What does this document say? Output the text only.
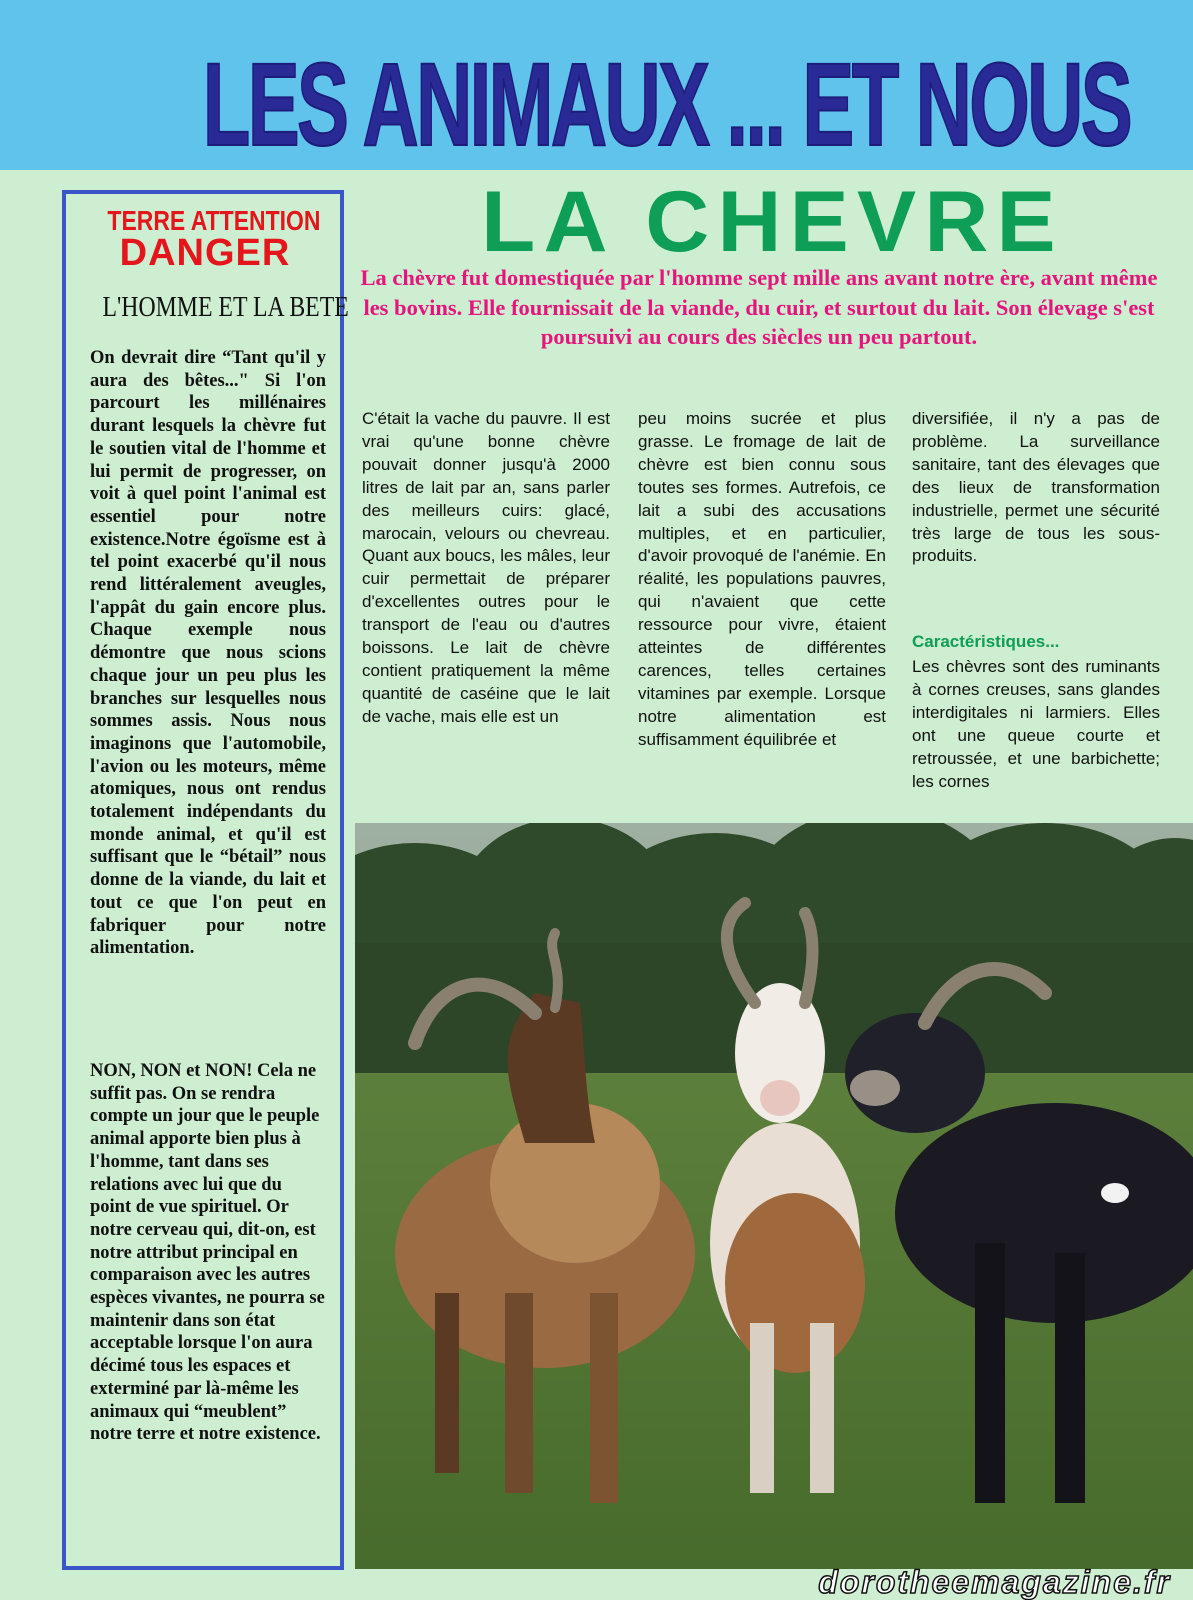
LES ANIMAUX ... ET NOUS
TERRE ATTENTION
DANGER
L'HOMME ET LA BETE

On devrait dire “Tant qu'il y aura des bêtes..." Si l'on parcourt les millénaires durant lesquels la chèvre fut le soutien vital de l'homme et lui permit de progresser, on voit à quel point l'animal est essentiel pour notre existence.Notre égoïsme est à tel point exacerbé qu'il nous rend littéralement aveugles, l'appât du gain encore plus. Chaque exemple nous démontre que nous scions chaque jour un peu plus les branches sur lesquelles nous sommes assis. Nous nous imaginons que l'automobile, l'avion ou les moteurs, même atomiques, nous ont rendus totalement indépendants du monde animal, et qu'il est suffisant que le “bétail” nous donne de la viande, du lait et tout ce que l'on peut en fabriquer pour notre alimentation.

NON, NON et NON! Cela ne suffit pas. On se rendra compte un jour que le peuple animal apporte bien plus à l'homme, tant dans ses relations avec lui que du point de vue spirituel. Or notre cerveau qui, dit-on, est notre attribut principal en comparaison avec les autres espèces vivantes, ne pourra se maintenir dans son état acceptable lorsque l'on aura décimé tous les espaces et exterminé par là-même les animaux qui “meublent” notre terre et notre existence.

LA CHEVRE

La chèvre fut domestiquée par l'homme sept mille ans avant notre ère, avant même les bovins. Elle fournissait de la viande, du cuir, et surtout du lait. Son élevage s'est poursuivi au cours des siècles un peu partout.

C'était la vache du pauvre. Il est vrai qu'une bonne chèvre pouvait donner jusqu'à 2000 litres de lait par an, sans parler des meilleurs cuirs: glacé, marocain, velours ou chevreau. Quant aux boucs, les mâles, leur cuir permettait de préparer d'excellentes outres pour le transport de l'eau ou d'autres boissons. Le lait de chèvre contient pratiquement la même quantité de caséine que le lait de vache, mais elle est un

peu moins sucrée et plus grasse. Le fromage de lait de chèvre est bien connu sous toutes ses formes. Autrefois, ce lait a subi des accusations multiples, et en particulier, d'avoir provoqué de l'anémie. En réalité, les populations pauvres, qui n'avaient que cette ressource pour vivre, étaient atteintes de différentes carences, telles certaines vitamines par exemple. Lorsque notre alimentation est suffisamment équilibrée et

diversifiée, il n'y a pas de problème. La surveillance sanitaire, tant des élevages que des lieux de transformation industrielle, permet une sécurité très large de tous les sous-produits.

Caractéristiques...

Les chèvres sont des ruminants à cornes creuses, sans glandes interdigitales ni larmiers. Elles ont une queue courte et retroussée, et une barbichette; les cornes

dorotheemagazine.fr
